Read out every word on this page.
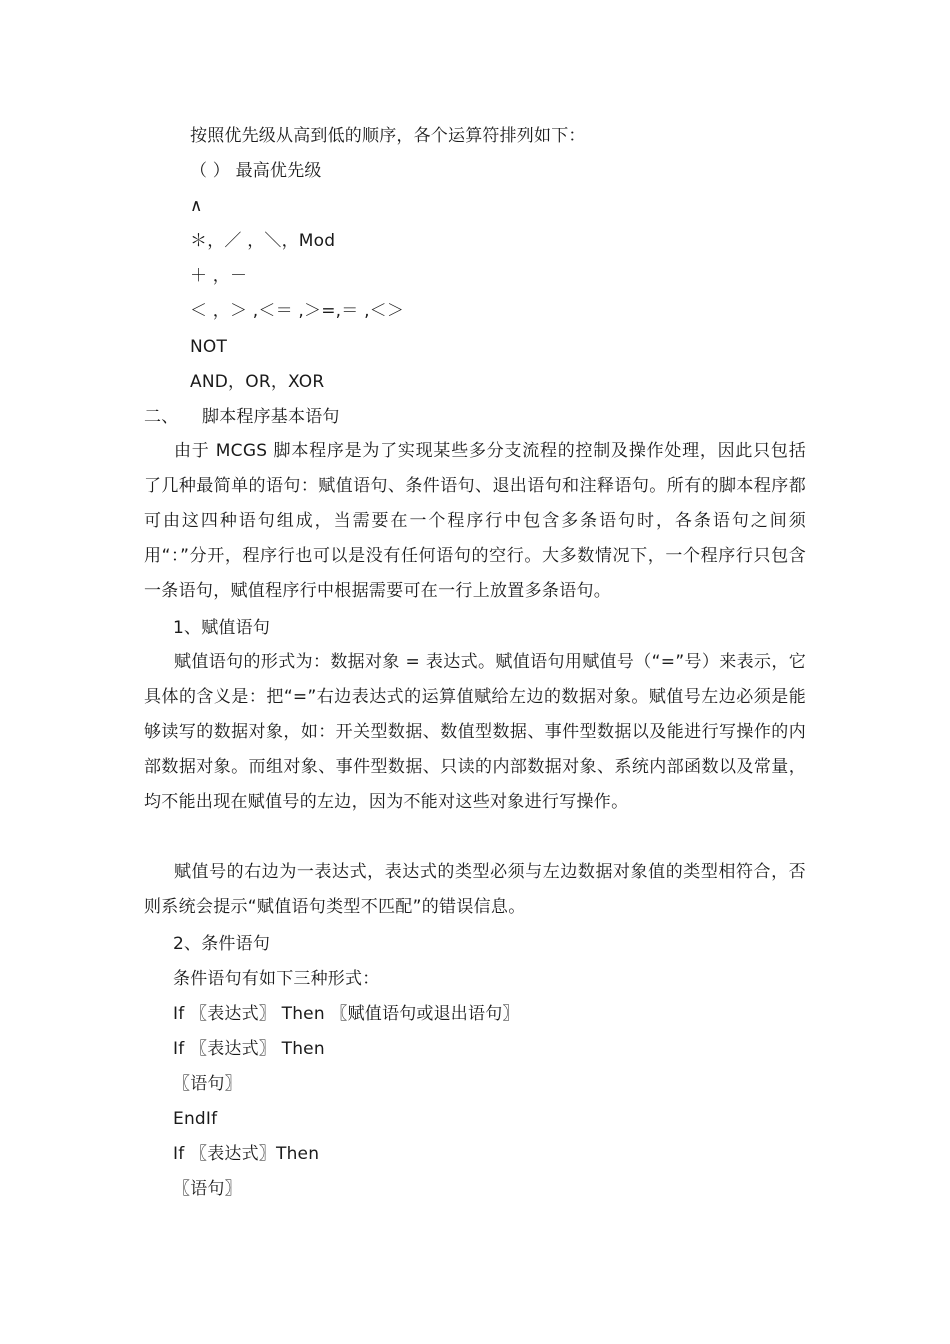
按照优先级从高到低的顺序，各个运算符排列如下：
（ ） 最高优先级
∧
＊，／ ，＼，Mod
＋ ，－
＜ ，＞ ,＜＝ ,＞=,＝ ,＜＞
NOT
AND，OR，XOR
二、 脚本程序基本语句
由于 MCGS 脚本程序是为了实现某些多分支流程的控制及操作处理，因此只包括了几种最简单的语句：赋值语句、条件语句、退出语句和注释语句。所有的脚本程序都可由这四种语句组成，当需要在一个程序行中包含多条语句时，各条语句之间须用“：”分开，程序行也可以是没有任何语句的空行。大多数情况下，一个程序行只包含一条语句，赋值程序行中根据需要可在一行上放置多条语句。
1、赋值语句
赋值语句的形式为：数据对象 = 表达式。赋值语句用赋值号（“=”号）来表示，它具体的含义是：把“=”右边表达式的运算值赋给左边的数据对象。赋值号左边必须是能够读写的数据对象，如：开关型数据、数值型数据、事件型数据以及能进行写操作的内部数据对象。而组对象、事件型数据、只读的内部数据对象、系统内部函数以及常量，均不能出现在赋值号的左边，因为不能对这些对象进行写操作。
赋值号的右边为一表达式，表达式的类型必须与左边数据对象值的类型相符合，否则系统会提示“赋值语句类型不匹配”的错误信息。
2、条件语句
条件语句有如下三种形式：
If 〖表达式〗 Then 〖赋值语句或退出语句〗
If 〖表达式〗 Then
〖语句〗
EndIf
If 〖表达式〗Then
〖语句〗
